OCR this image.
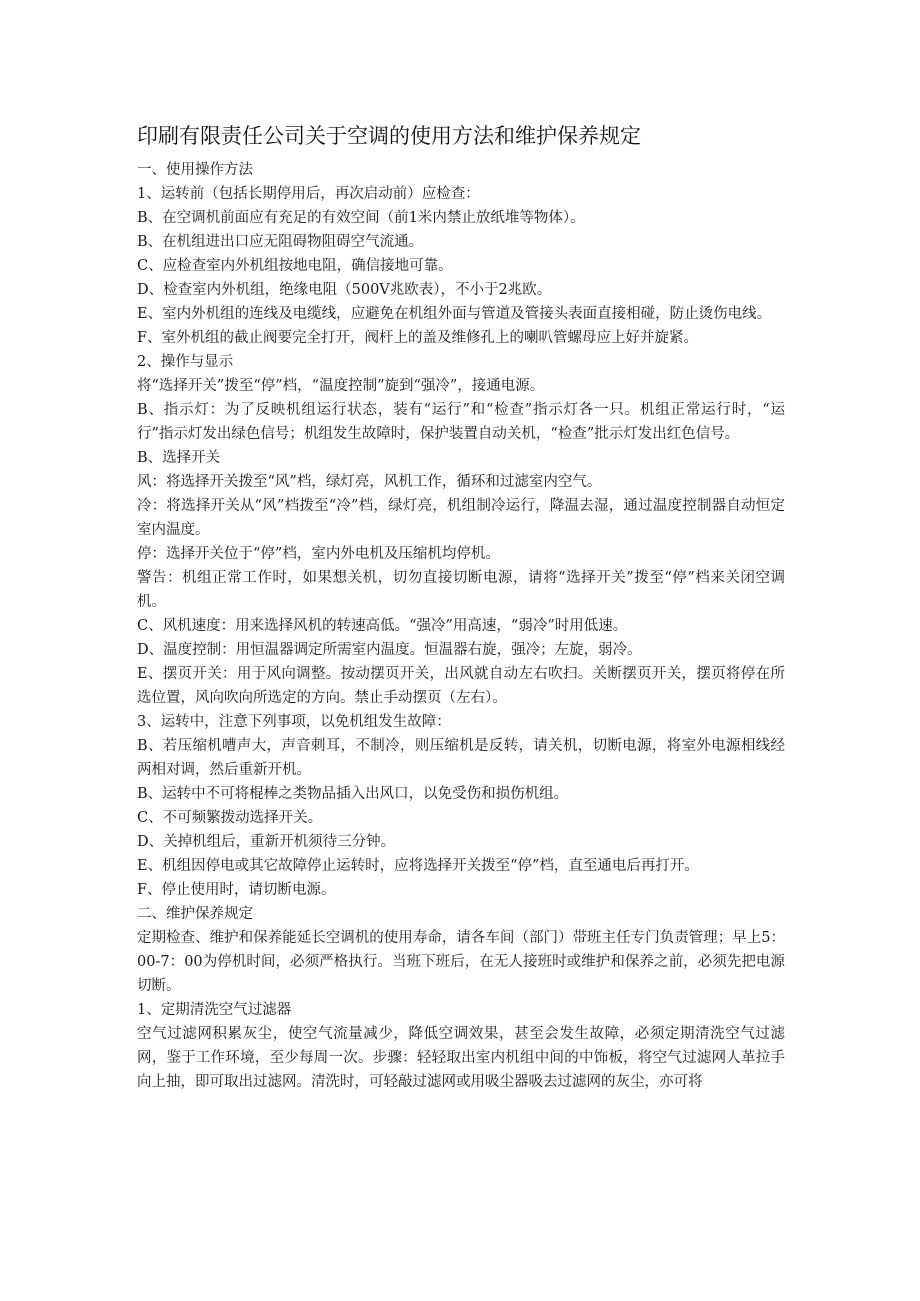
印刷有限责任公司关于空调的使用方法和维护保养规定

一、使用操作方法

1、运转前（包括长期停用后，再次启动前）应检查：

B、在空调机前面应有充足的有效空间（前1米内禁止放纸堆等物体）。

B、在机组进出口应无阻碍物阻碍空气流通。

C、应检查室内外机组按地电阻，确信接地可靠。

D、检查室内外机组，绝缘电阻（500V兆欧表），不小于2兆欧。

E、室内外机组的连线及电缆线，应避免在机组外面与管道及管接头表面直接相碰，防止烫伤电线。

F、室外机组的截止阀要完全打开，阀杆上的盖及维修孔上的喇叭管螺母应上好并旋紧。

2、操作与显示

将“选择开关”拨至“停”档，“温度控制”旋到“强冷”，接通电源。

B、指示灯：为了反映机组运行状态，装有“运行”和“检查”指示灯各一只。机组正常运行时，“运行”指示灯发出绿色信号；机组发生故障时，保护装置自动关机，“检查”批示灯发出红色信号。

B、选择开关

风：将选择开关拨至“风”档，绿灯亮，风机工作，循环和过滤室内空气。

冷：将选择开关从“风”档拨至“冷”档，绿灯亮，机组制冷运行，降温去湿，通过温度控制器自动恒定室内温度。

停：选择开关位于“停”档，室内外电机及压缩机均停机。

警告：机组正常工作时，如果想关机，切勿直接切断电源，请将“选择开关”拨至“停”档来关闭空调机。

C、风机速度：用来选择风机的转速高低。“强冷”用高速，“弱冷”时用低速。

D、温度控制：用恒温器调定所需室内温度。恒温器右旋，强冷；左旋，弱冷。

E、摆页开关：用于风向调整。按动摆页开关，出风就自动左右吹扫。关断摆页开关，摆页将停在所选位置，风向吹向所选定的方向。禁止手动摆页（左右）。

3、运转中，注意下列事项，以免机组发生故障：

B、若压缩机嘈声大，声音刺耳，不制冷，则压缩机是反转，请关机，切断电源，将室外电源相线经两相对调，然后重新开机。

B、运转中不可将棍棒之类物品插入出风口，以免受伤和损伤机组。

C、不可频繁拨动选择开关。

D、关掉机组后，重新开机须待三分钟。

E、机组因停电或其它故障停止运转时，应将选择开关拨至“停”档，直至通电后再打开。

F、停止使用时，请切断电源。

二、维护保养规定

定期检查、维护和保养能延长空调机的使用寿命，请各车间（部门）带班主任专门负责管理；早上5：00-7：00为停机时间，必须严格执行。当班下班后，在无人接班时或维护和保养之前，必须先把电源切断。

1、定期清洗空气过滤器

空气过滤网积累灰尘，使空气流量减少，降低空调效果，甚至会发生故障，必须定期清洗空气过滤网，鉴于工作环境，至少每周一次。步骤：轻轻取出室内机组中间的中饰板，将空气过滤网人革拉手向上抽，即可取出过滤网。清洗时，可轻敲过滤网或用吸尘器吸去过滤网的灰尘，亦可将
